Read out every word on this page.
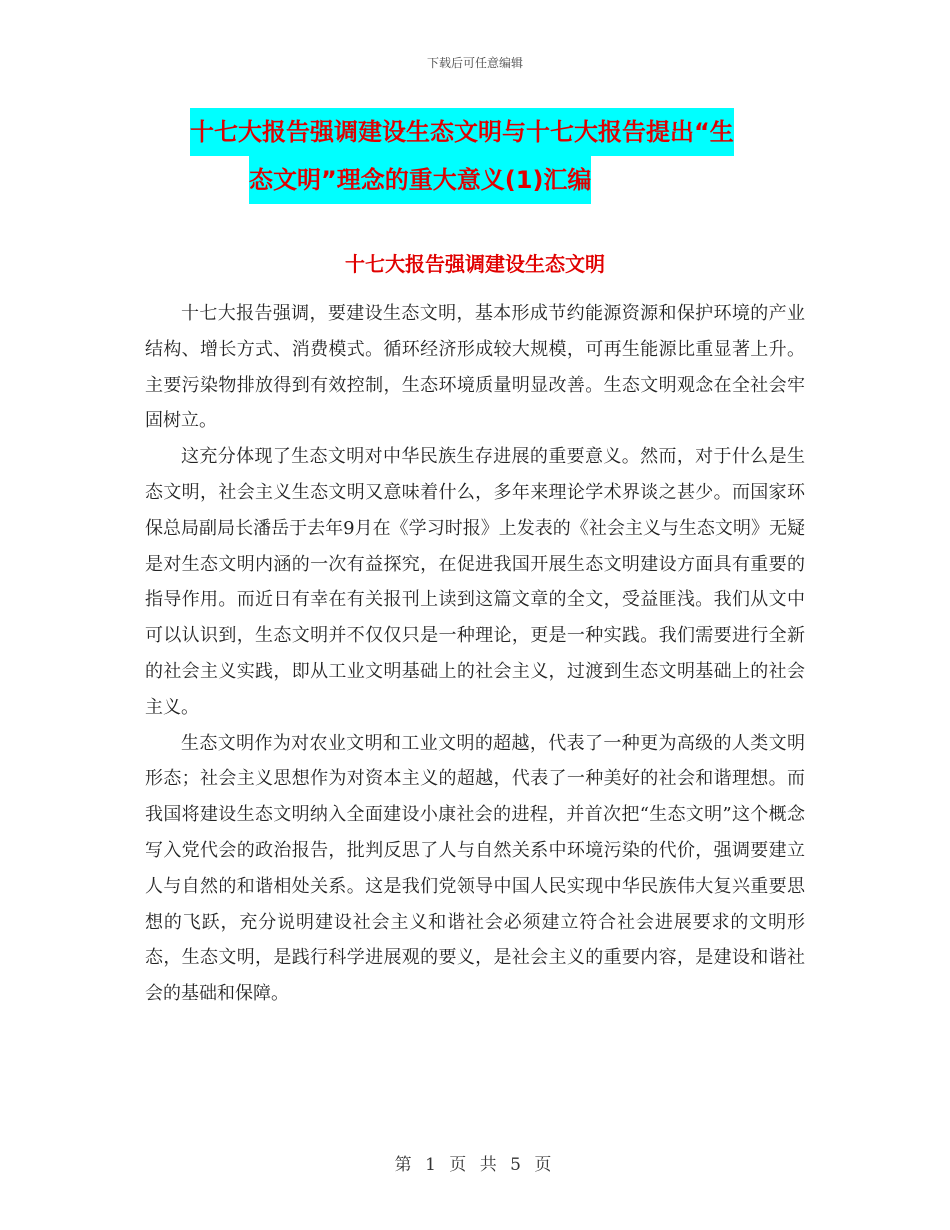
下载后可任意编辑
十七大报告强调建设生态文明与十七大报告提出“生
态文明”理念的重大意义(1)汇编
十七大报告强调建设生态文明

十七大报告强调，要建设生态文明，基本形成节约能源资源和保护环境的产业结构、增长方式、消费模式。循环经济形成较大规模，可再生能源比重显著上升。主要污染物排放得到有效控制，生态环境质量明显改善。生态文明观念在全社会牢固树立。

这充分体现了生态文明对中华民族生存进展的重要意义。然而，对于什么是生态文明，社会主义生态文明又意味着什么，多年来理论学术界谈之甚少。而国家环保总局副局长潘岳于去年9月在《学习时报》上发表的《社会主义与生态文明》无疑是对生态文明内涵的一次有益探究，在促进我国开展生态文明建设方面具有重要的指导作用。而近日有幸在有关报刊上读到这篇文章的全文，受益匪浅。我们从文中可以认识到，生态文明并不仅仅只是一种理论，更是一种实践。我们需要进行全新的社会主义实践，即从工业文明基础上的社会主义，过渡到生态文明基础上的社会主义。

生态文明作为对农业文明和工业文明的超越，代表了一种更为高级的人类文明形态；社会主义思想作为对资本主义的超越，代表了一种美好的社会和谐理想。而我国将建设生态文明纳入全面建设小康社会的进程，并首次把“生态文明”这个概念写入党代会的政治报告，批判反思了人与自然关系中环境污染的代价，强调要建立人与自然的和谐相处关系。这是我们党领导中国人民实现中华民族伟大复兴重要思想的飞跃，充分说明建设社会主义和谐社会必须建立符合社会进展要求的文明形态，生态文明，是践行科学进展观的要义，是社会主义的重要内容，是建设和谐社会的基础和保障。

第 1 页 共 5 页
